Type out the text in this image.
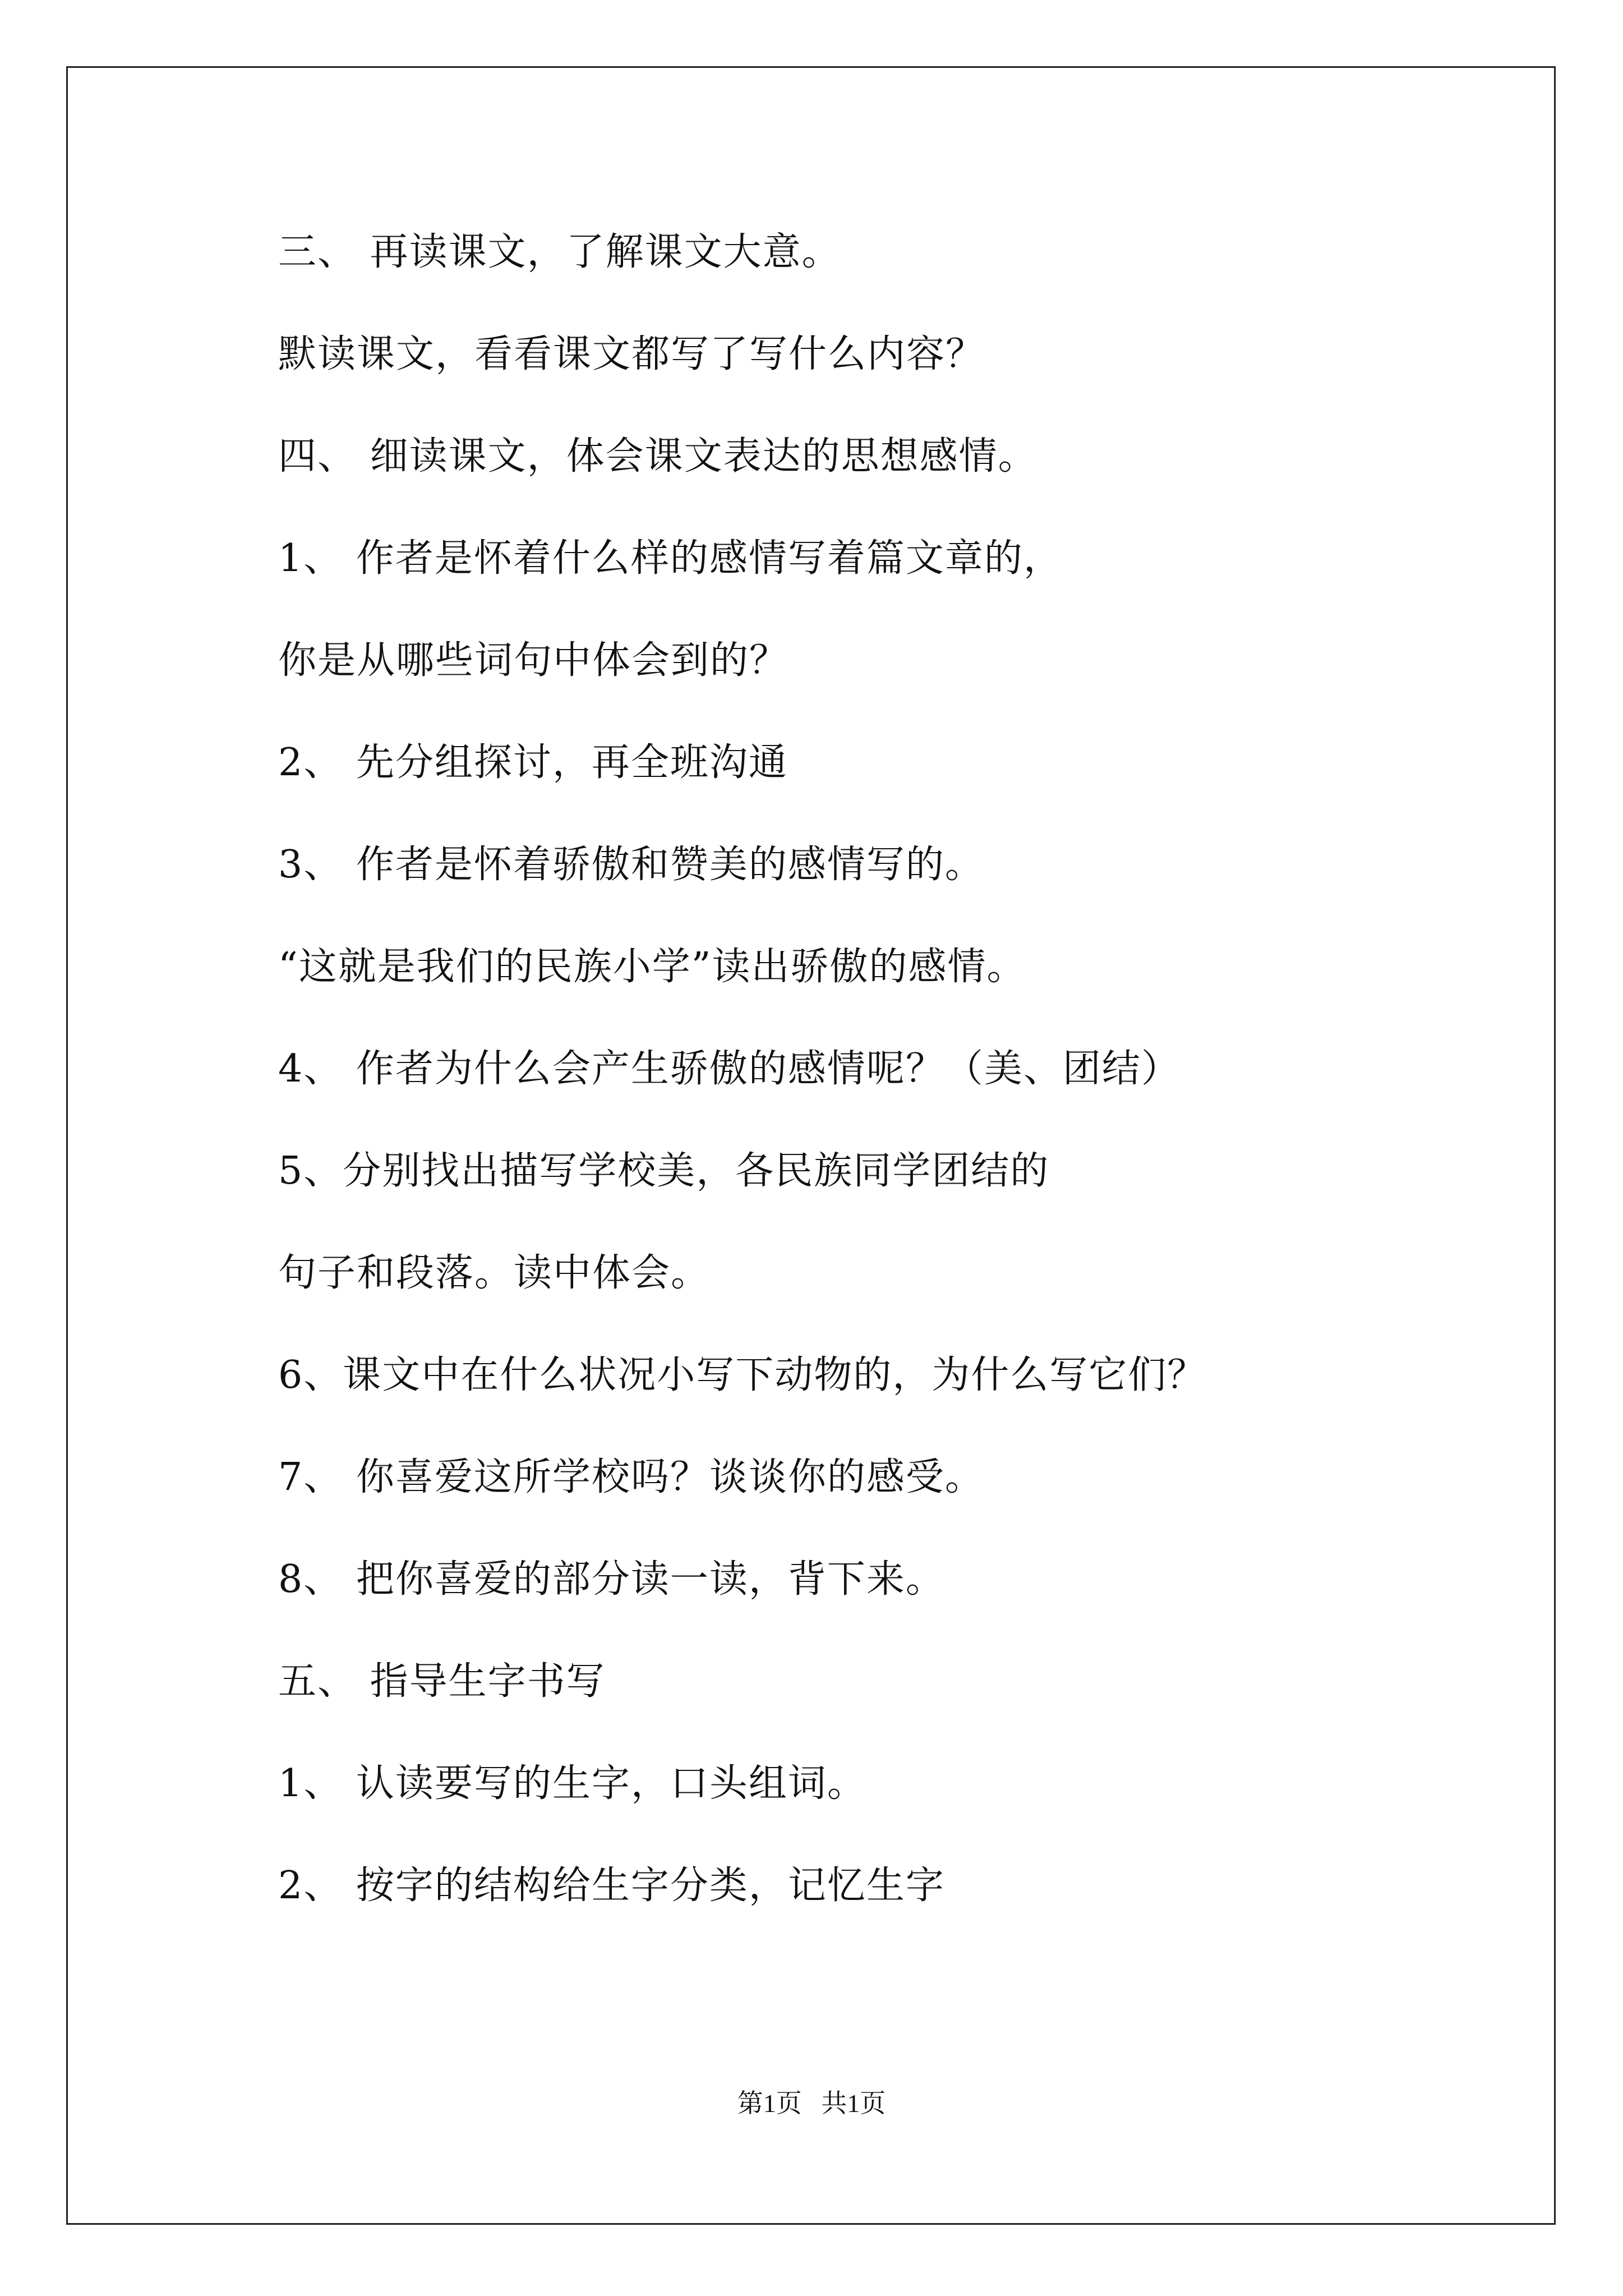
三、 再读课文，了解课文大意。
默读课文，看看课文都写了写什么内容？
四、 细读课文，体会课文表达的思想感情。
1、 作者是怀着什么样的感情写着篇文章的，
你是从哪些词句中体会到的？
2、 先分组探讨，再全班沟通
3、 作者是怀着骄傲和赞美的感情写的。
“这就是我们的民族小学”读出骄傲的感情。
4、 作者为什么会产生骄傲的感情呢？（美、团结）
5、分别找出描写学校美，各民族同学团结的
句子和段落。读中体会。
6、课文中在什么状况小写下动物的，为什么写它们？
7、 你喜爱这所学校吗？谈谈你的感受。
8、 把你喜爱的部分读一读，背下来。
五、 指导生字书写
1、 认读要写的生字，口头组词。
2、 按字的结构给生字分类，记忆生字
第1页   共1页
